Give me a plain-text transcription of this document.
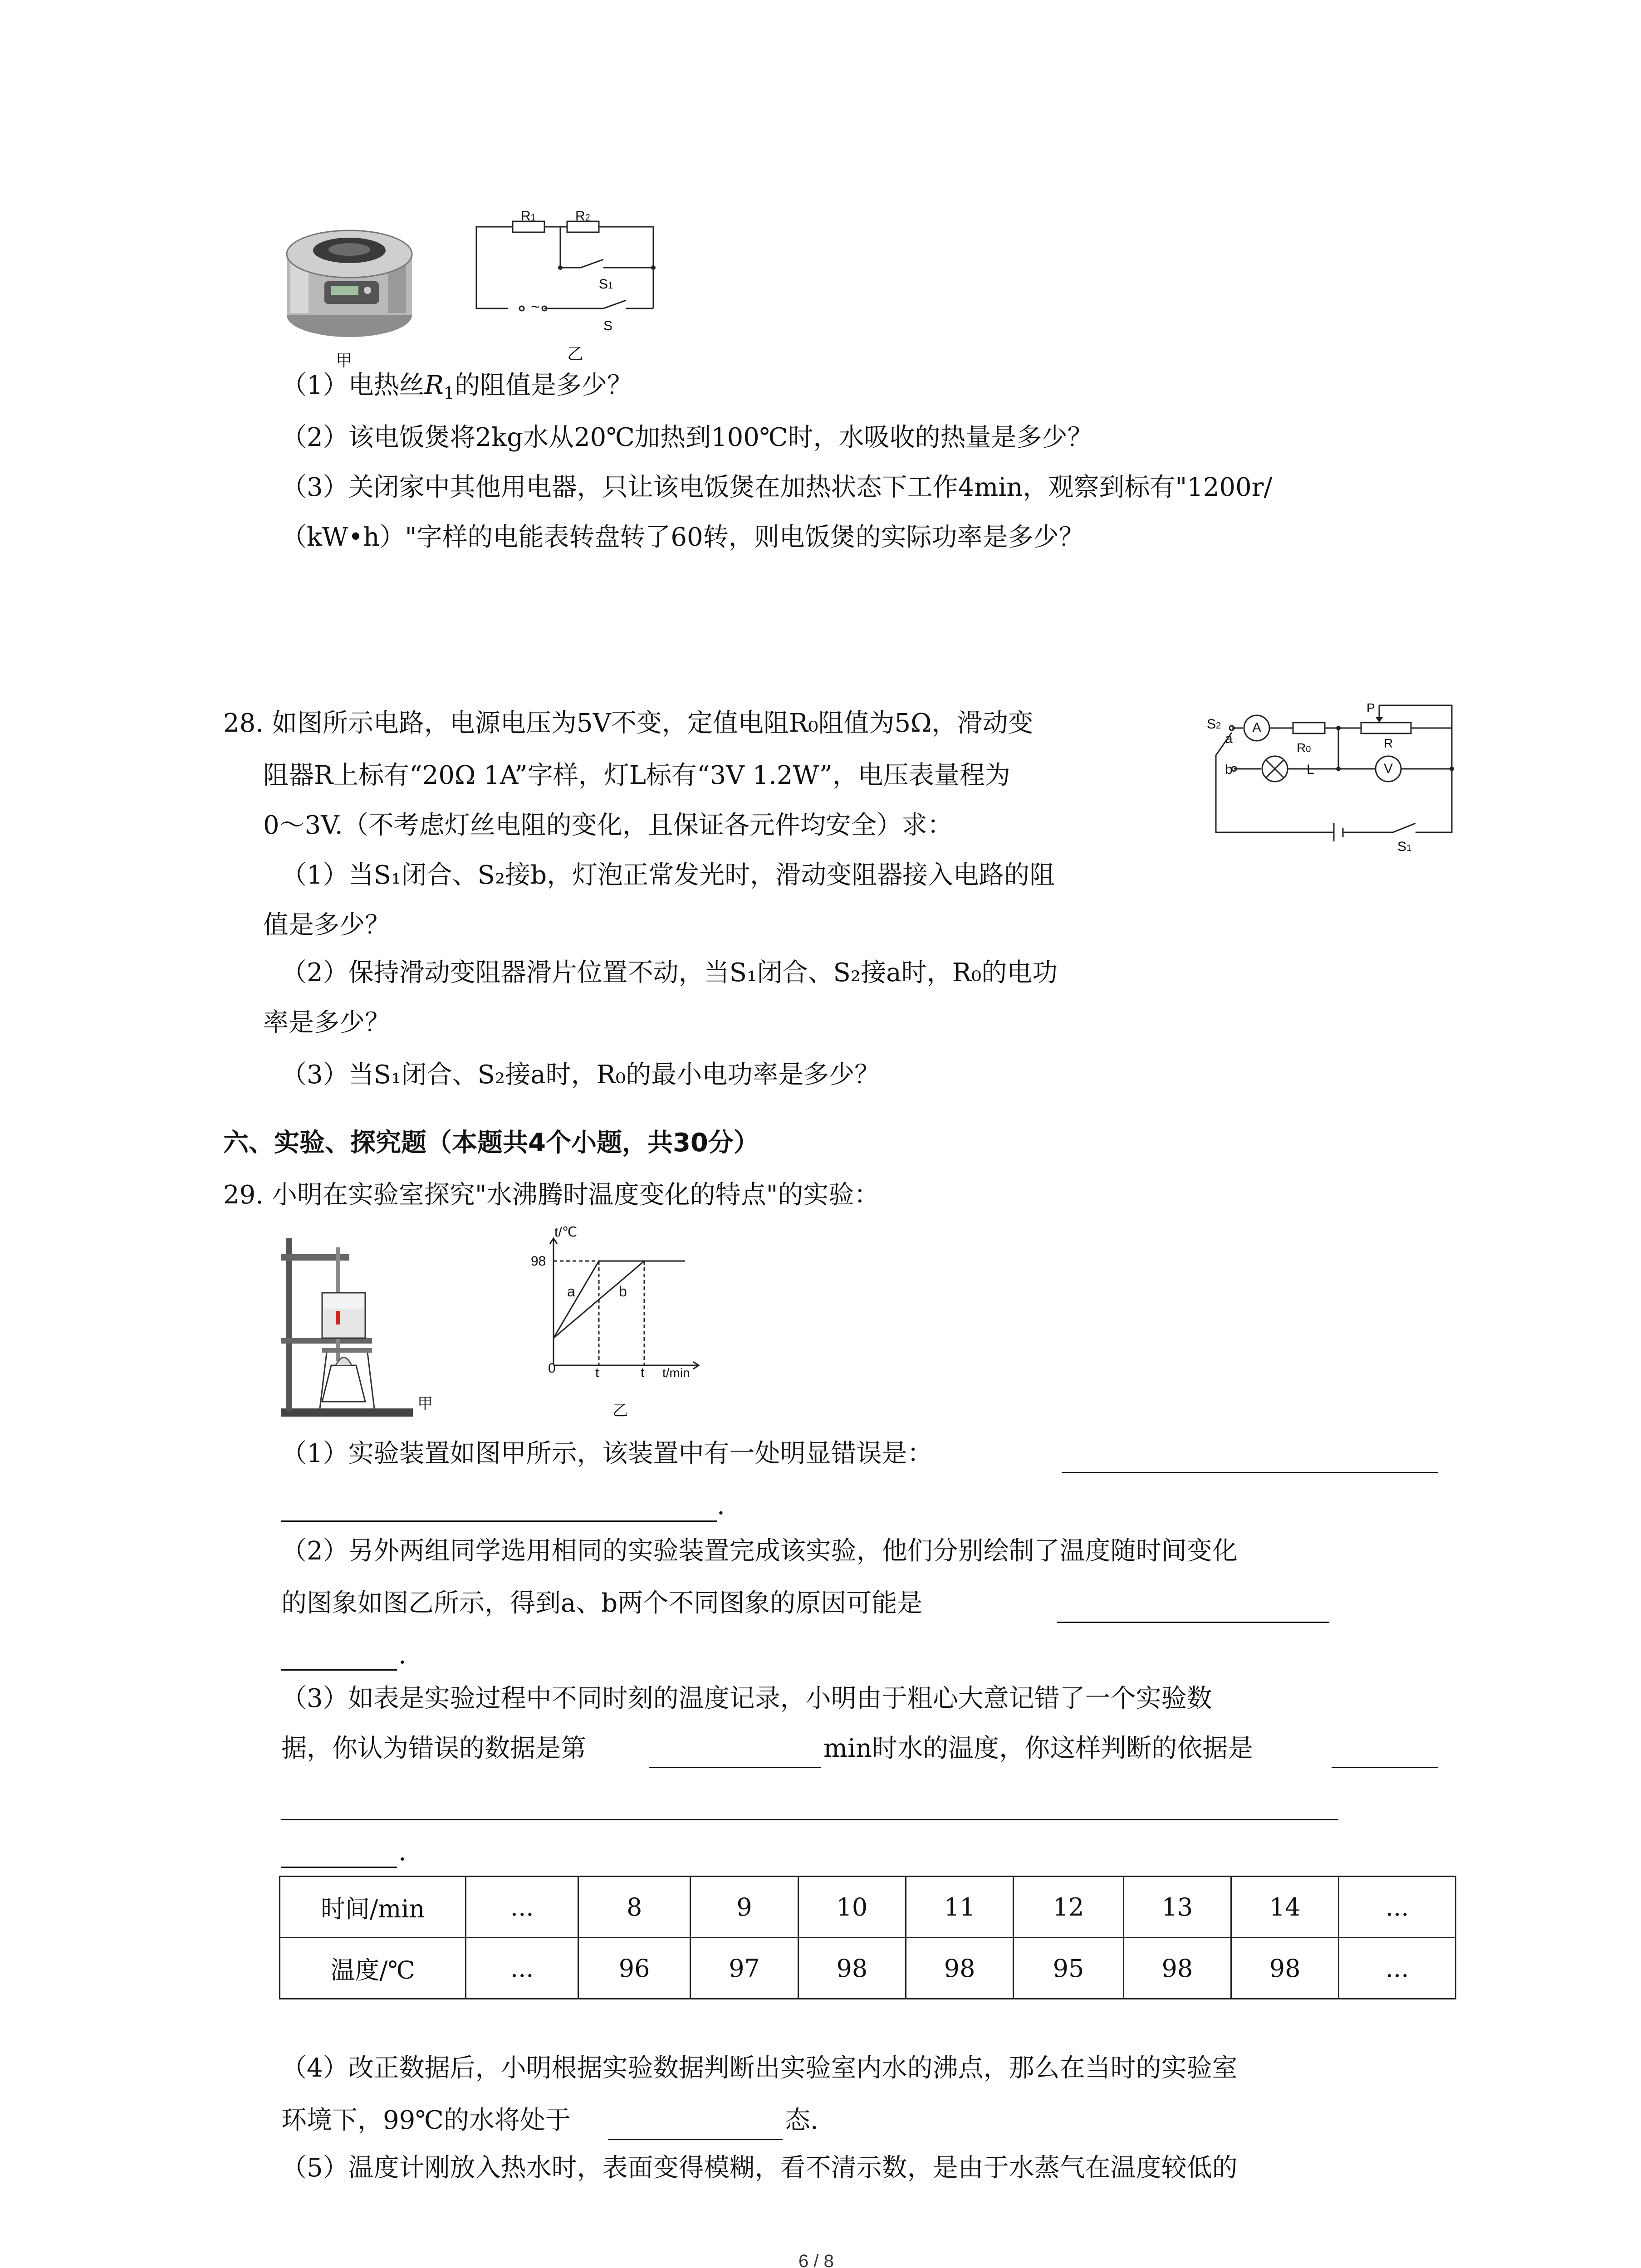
甲
R1	R2
S1
~
S
乙
（1）电热丝$R_1$的阻值是多少？
（2）该电饭煲将2kg水从20℃加热到100℃时，水吸收的热量是多少？
（3）关闭家中其他用电器，只让该电饭煲在加热状态下工作4min，观察到标有"1200r/
（kW•h）"字样的电能表转盘转了60转，则电饭煲的实际功率是多少？
28. 如图所示电路，电源电压为5V不变，定值电阻R₀阻值为5Ω，滑动变
阻器R上标有“20Ω 1A”字样，灯L标有“3V 1.2W”，电压表量程为
0～3V.（不考虑灯丝电阻的变化，且保证各元件均安全）求：
（1）当S₁闭合、S₂接b，灯泡正常发光时，滑动变阻器接入电路的阻
值是多少？
（2）保持滑动变阻器滑片位置不动，当S₁闭合、S₂接a时，R₀的电功
率是多少？
（3）当S₁闭合、S₂接a时，R₀的最小电功率是多少？
S2
a
b
A
R0
P
R
L	V
S1
六、实验、探究题（本题共4个小题，共30分）
29. 小明在实验室探究"水沸腾时温度变化的特点"的实验：
甲
t/℃
98
a	b
0	t	t t/min
乙
（1）实验装置如图甲所示，该装置中有一处明显错误是：
.
（2）另外两组同学选用相同的实验装置完成该实验，他们分别绘制了温度随时间变化
的图象如图乙所示，得到a、b两个不同图象的原因可能是
.
（3）如表是实验过程中不同时刻的温度记录，小明由于粗心大意记错了一个实验数
据，你认为错误的数据是第	min时水的温度，你这样判断的依据是
.
时间/min	...	8	9	10	11	12	13	14	...
温度/℃	...	96	97	98	98	95	98	98	...
（4）改正数据后，小明根据实验数据判断出实验室内水的沸点，那么在当时的实验室
环境下，99℃的水将处于	态.
（5）温度计刚放入热水时，表面变得模糊，看不清示数，是由于水蒸气在温度较低的
6 / 8
